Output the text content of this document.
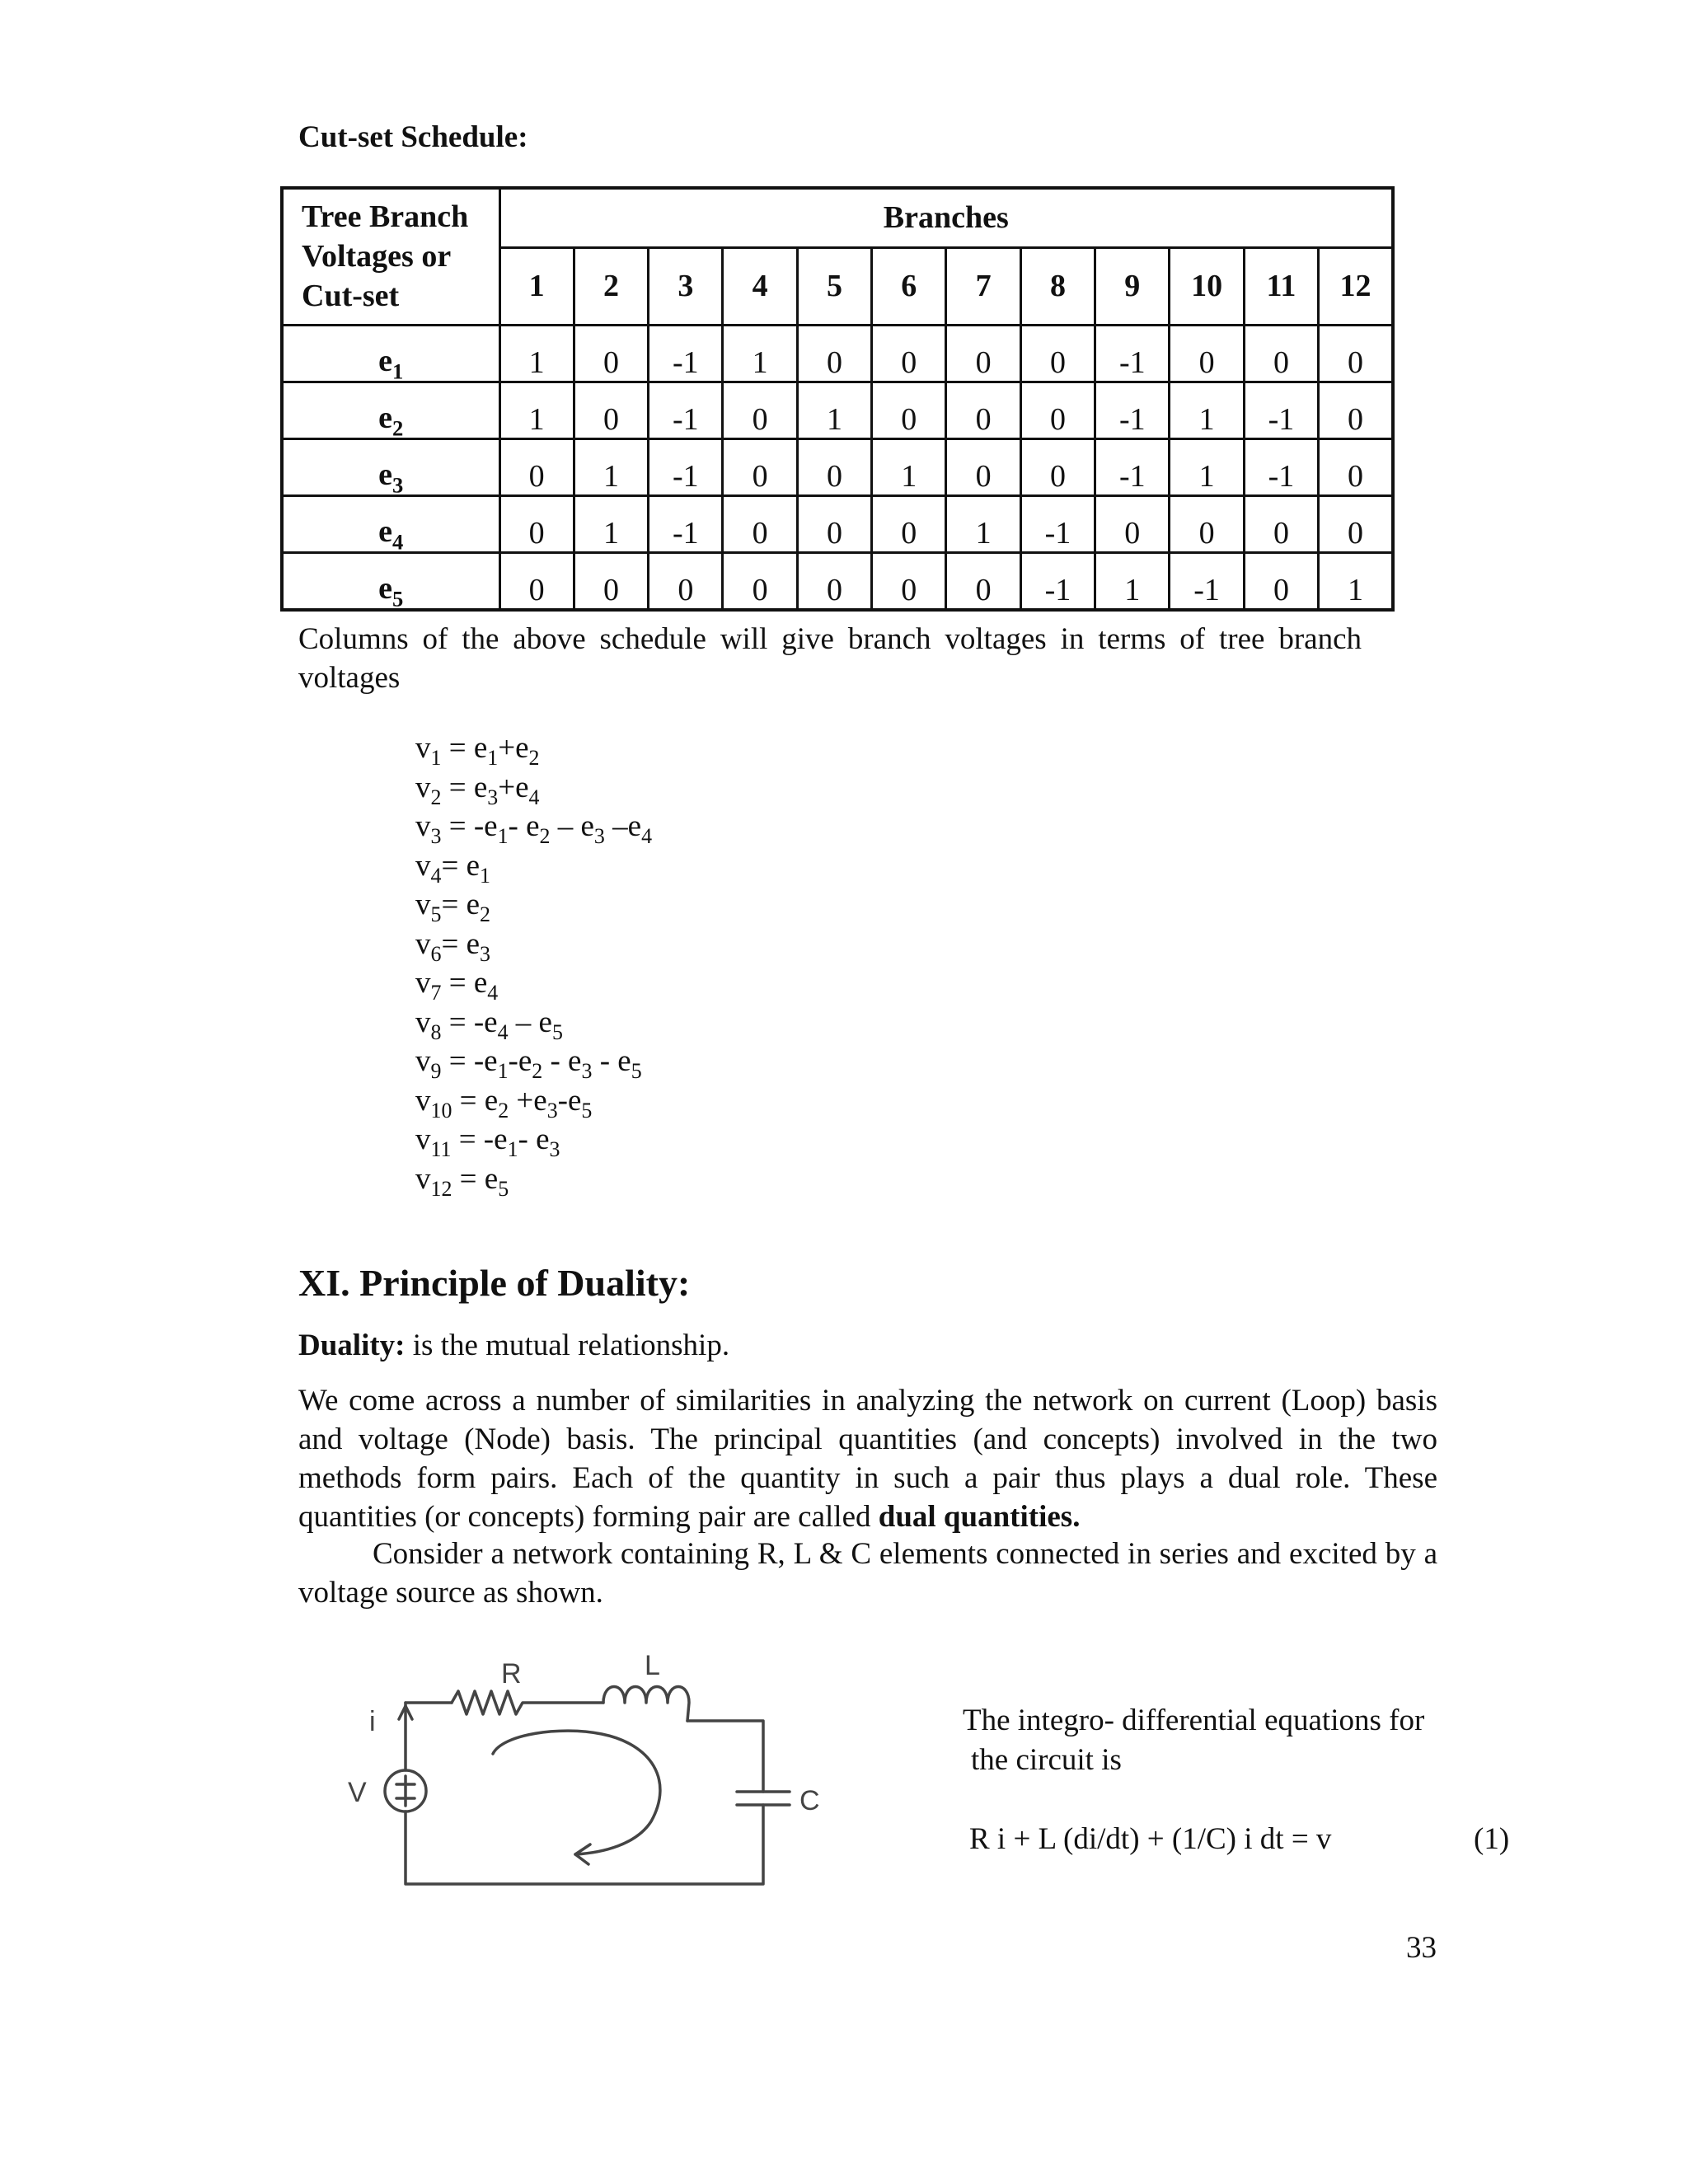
Cut-set Schedule:
Tree Branch
Voltages or
Cut-set	Branches											
	1	2	3	4	5	6	7	8	9	10	11	12
$e_1$	1	0	-1	1	0	0	0	0	-1	0	0	0
$e_2$	1	0	-1	0	1	0	0	0	-1	1	-1	0
$e_3$	0	1	-1	0	0	1	0	0	-1	1	-1	0
$e_4$	0	1	-1	0	0	0	1	-1	0	0	0	0
$e_5$	0	0	0	0	0	0	0	-1	1	-1	0	1
Columns of the above schedule will give branch voltages in terms of tree branch voltages
$v_1 = e_1+e_2$
$v_2 = e_3+e_4$
$v_3 = -e_1-$ $e_2 - e_3$ $-e_4$
$v_4= e_1$
$v_5= e_2$
$v_6= e_3$
$v_7 = e_4$
$v_8 = -e_4 - e_5$
$v_9 = -e_1-e_2 - e_3 - e_5$
$v_{10} = e_2 +e_3-e_5$
$v_{11} = -e_1-$ $e_3$
$v_{12} = e_5$
XI. Principle of Duality:
Duality: is the mutual relationship.
We come across a number of similarities in analyzing the network on current (Loop) basis and voltage (Node) basis. The principal quantities (and concepts) involved in the two methods form pairs. Each of the quantity in such a pair thus plays a dual role. These quantities (or concepts) forming pair are called dual quantities.
Consider a network containing R, L & C elements connected in series and excited by a voltage source as shown.
R	L
C
i
V
The integro- differential equations for
the circuit is
R i + L (di/dt) + (1/C) i dt = v	(1)
33
